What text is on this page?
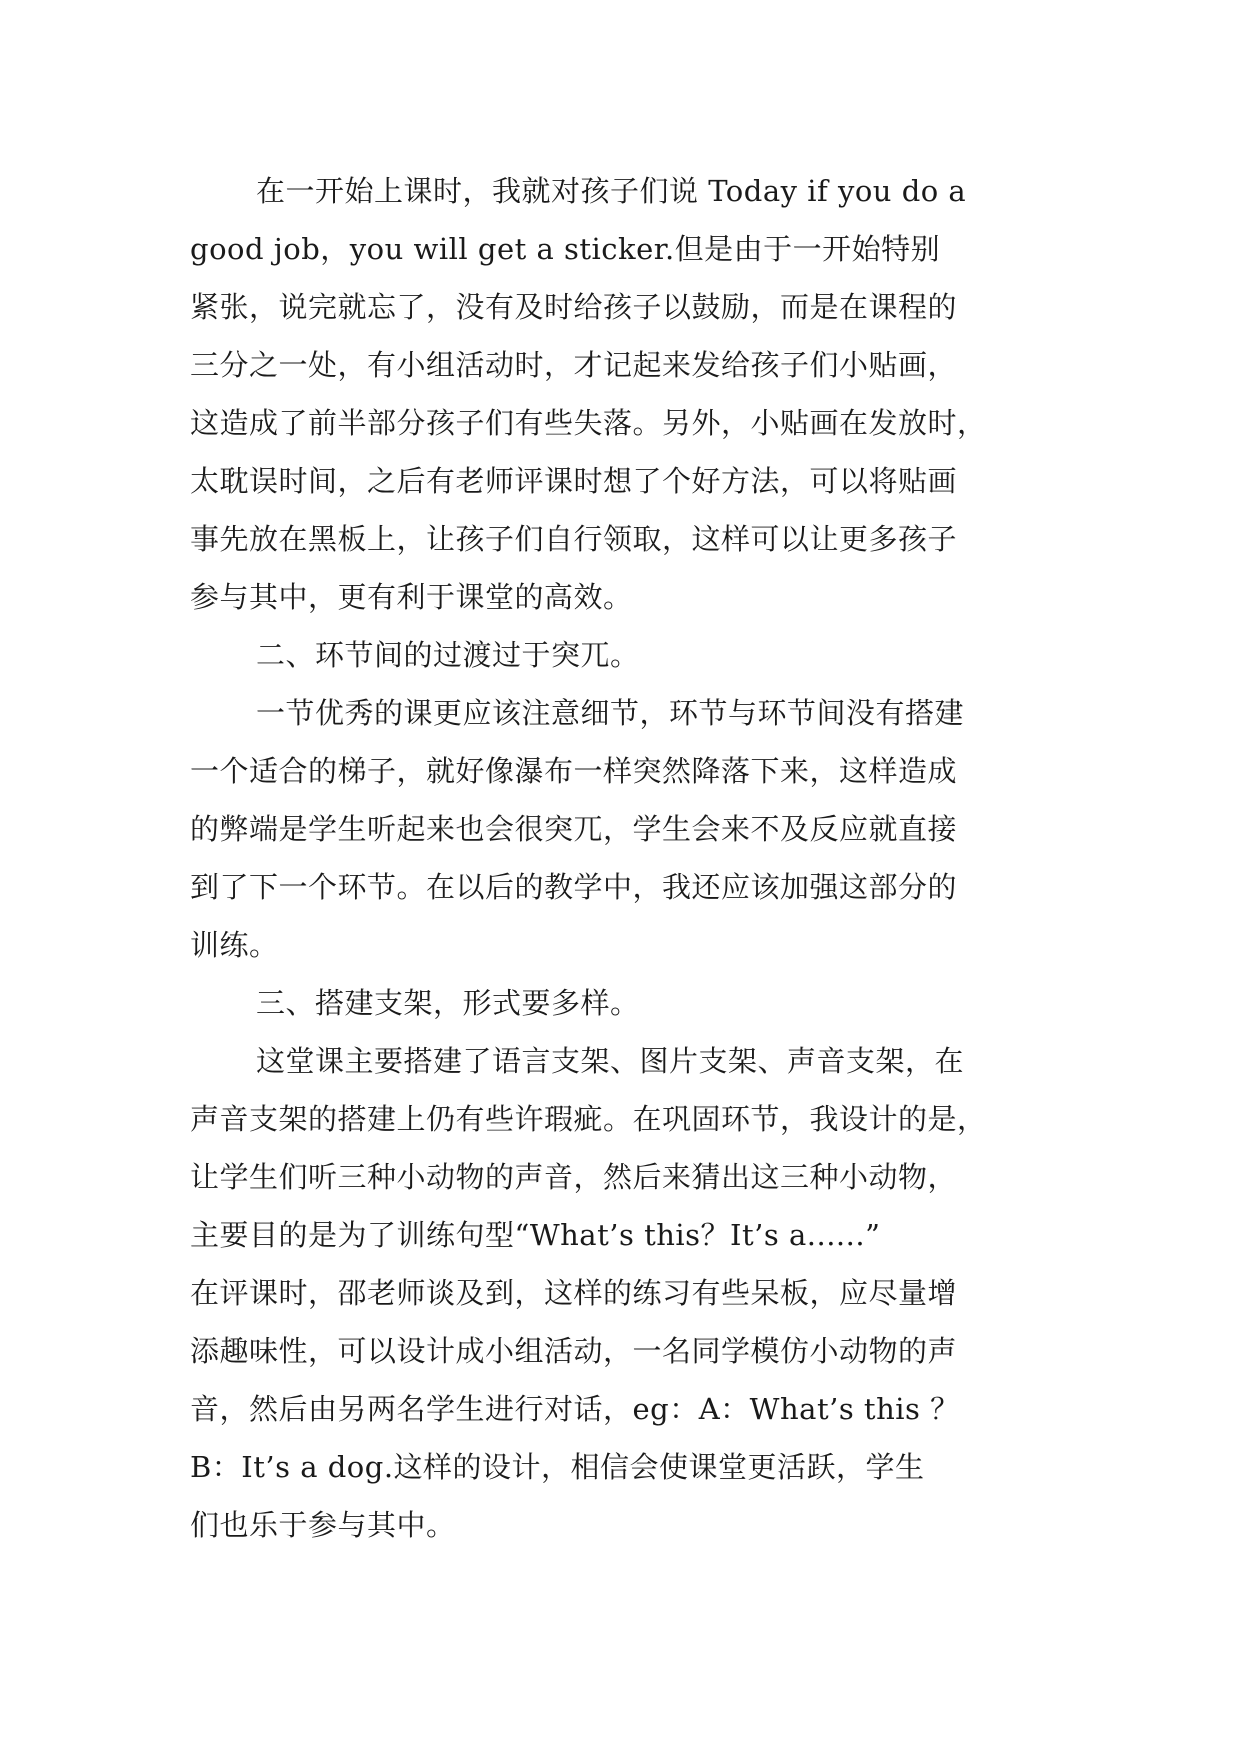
在一开始上课时，我就对孩子们说 Today if you do a
good job，you will get a sticker.但是由于一开始特别
紧张，说完就忘了，没有及时给孩子以鼓励，而是在课程的
三分之一处，有小组活动时，才记起来发给孩子们小贴画，
这造成了前半部分孩子们有些失落。另外，小贴画在发放时，
太耽误时间，之后有老师评课时想了个好方法，可以将贴画
事先放在黑板上，让孩子们自行领取，这样可以让更多孩子
参与其中，更有利于课堂的高效。
二、环节间的过渡过于突兀。
一节优秀的课更应该注意细节，环节与环节间没有搭建
一个适合的梯子，就好像瀑布一样突然降落下来，这样造成
的弊端是学生听起来也会很突兀，学生会来不及反应就直接
到了下一个环节。在以后的教学中，我还应该加强这部分的
训练。
三、搭建支架，形式要多样。
这堂课主要搭建了语言支架、图片支架、声音支架，在
声音支架的搭建上仍有些许瑕疵。在巩固环节，我设计的是，
让学生们听三种小动物的声音，然后来猜出这三种小动物，
主要目的是为了训练句型“What’s this？It’s a......”
在评课时，邵老师谈及到，这样的练习有些呆板，应尽量增
添趣味性，可以设计成小组活动，一名同学模仿小动物的声
音，然后由另两名学生进行对话，eg：A：What’s this ？
B：It’s a dog.这样的设计，相信会使课堂更活跃，学生
们也乐于参与其中。
